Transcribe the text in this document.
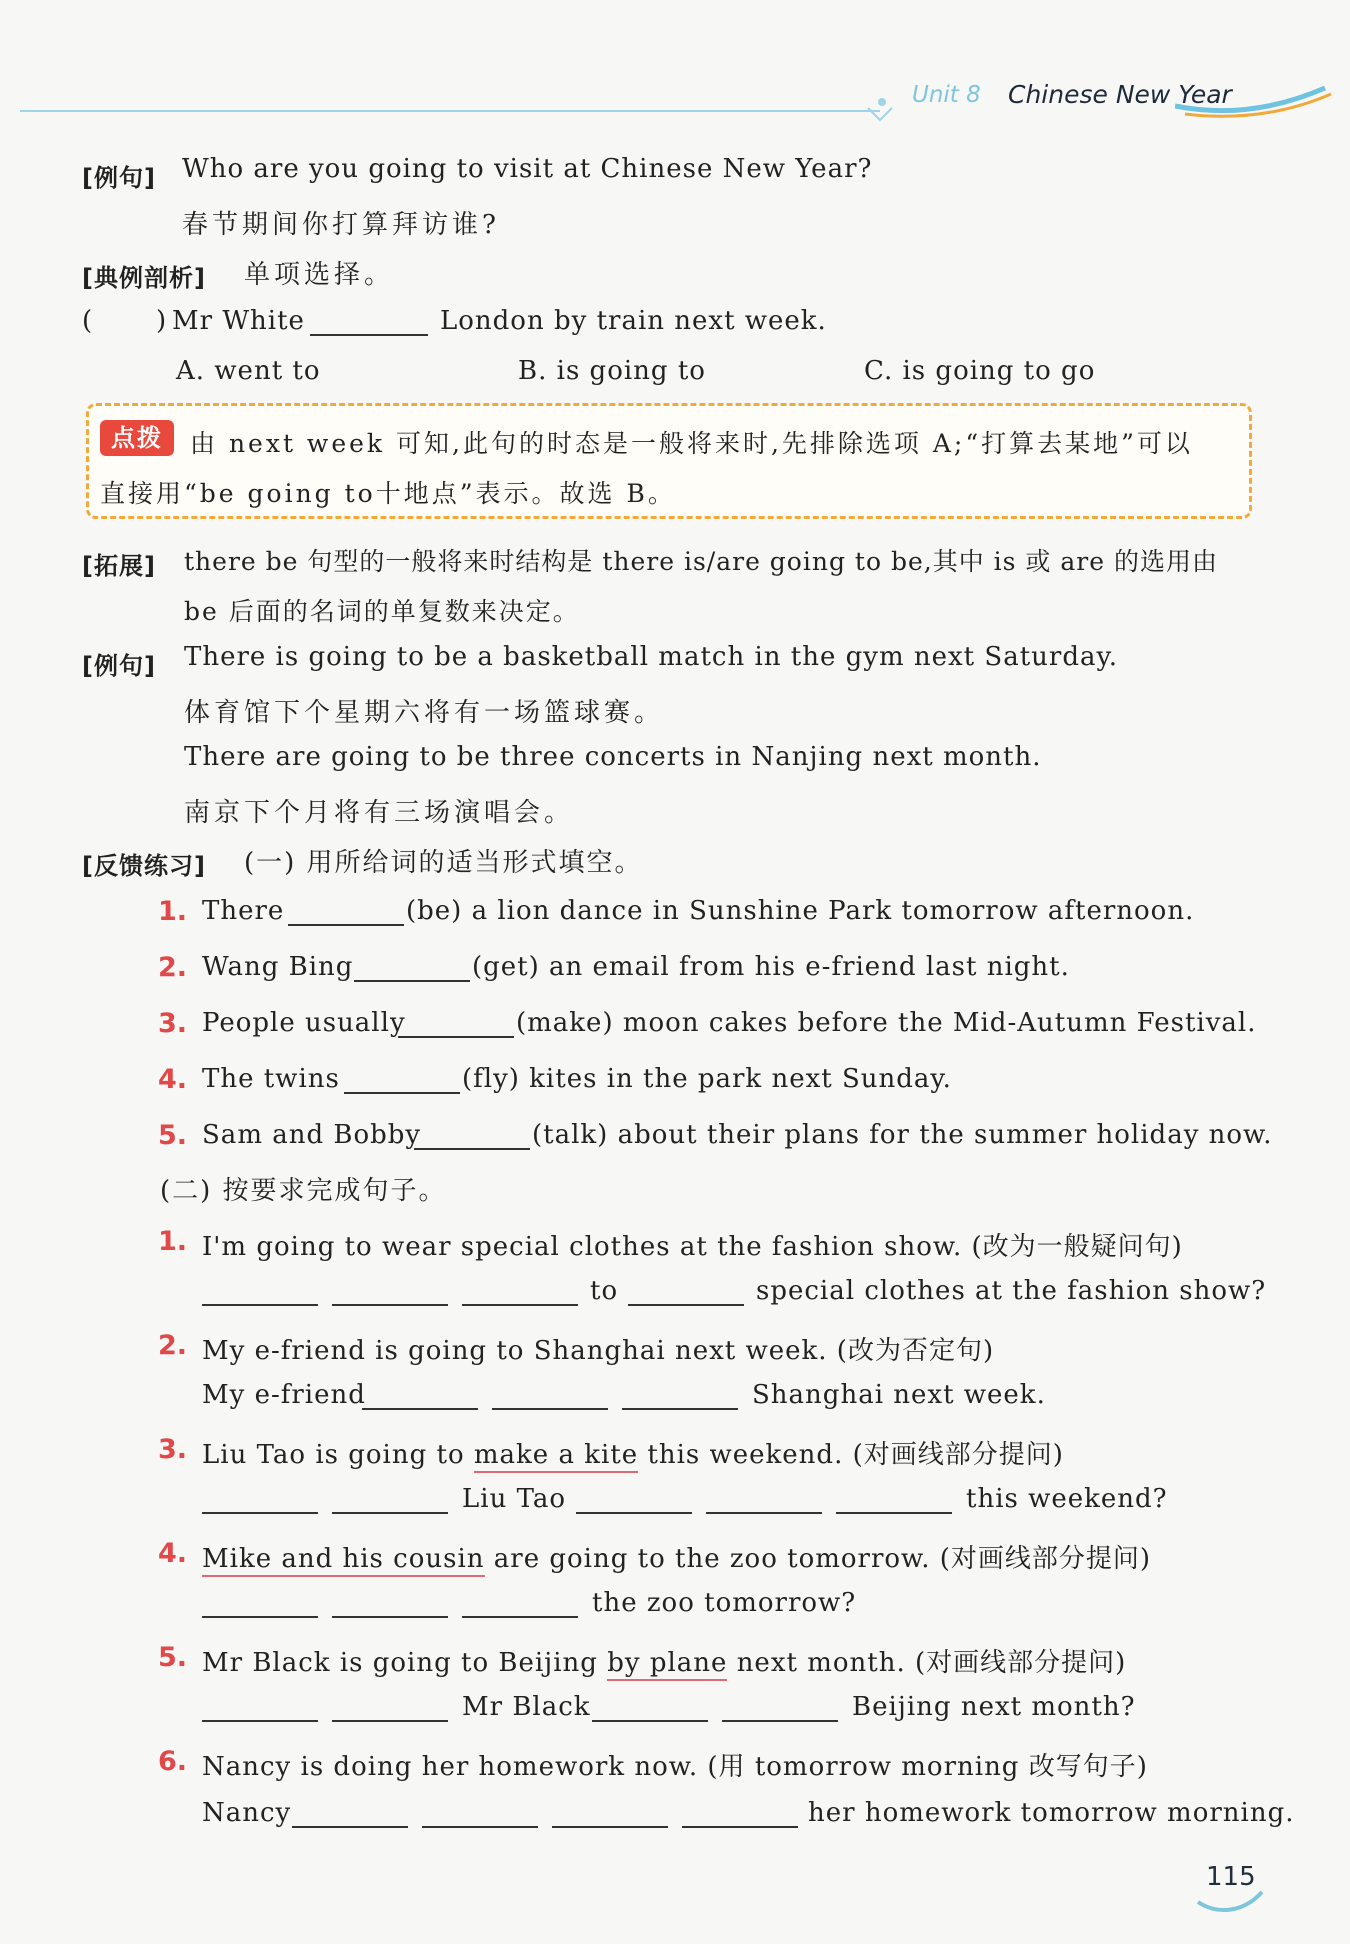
Unit 8 Chinese New Year
[例句] Who are you going to visit at Chinese New Year?
春节期间你打算拜访谁?
[典例剖析] 单项选择。
( ) Mr White	London by train next week.
A. went to	B. is going to	C. is going to go
点拨	由 next week 可知,此句的时态是一般将来时,先排除选项 A;“打算去某地”可以
直接用“be going to十地点”表示。故选 B。
[拓展] there be 句型的一般将来时结构是 there is/are going to be,其中 is 或 are 的选用由
be 后面的名词的单复数来决定。
[例句] There is going to be a basketball match in the gym next Saturday.
体育馆下个星期六将有一场篮球赛。
There are going to be three concerts in Nanjing next month.
南京下个月将有三场演唱会。
[反馈练习] (一) 用所给词的适当形式填空。
1. There	(be) a lion dance in Sunshine Park tomorrow afternoon.
2. Wang Bing	(get) an email from his e-friend last night.
3. People usually	(make) moon cakes before the Mid-Autumn Festival.
4. The twins	(fly) kites in the park next Sunday.
5. Sam and Bobby	(talk) about their plans for the summer holiday now.
(二) 按要求完成句子。
1. I'm going to wear special clothes at the fashion show. (改为一般疑问句)
to	special clothes at the fashion show?
2. My e-friend is going to Shanghai next week. (改为否定句)
My e-friend	Shanghai next week.
3. Liu Tao is going to make a kite this weekend. (对画线部分提问)
Liu Tao	this weekend?
4. Mike and his cousin are going to the zoo tomorrow. (对画线部分提问)
the zoo tomorrow?
5. Mr Black is going to Beijing by plane next month. (对画线部分提问)
Mr Black	Beijing next month?
6. Nancy is doing her homework now. (用 tomorrow morning 改写句子)
Nancy	her homework tomorrow morning.
115
